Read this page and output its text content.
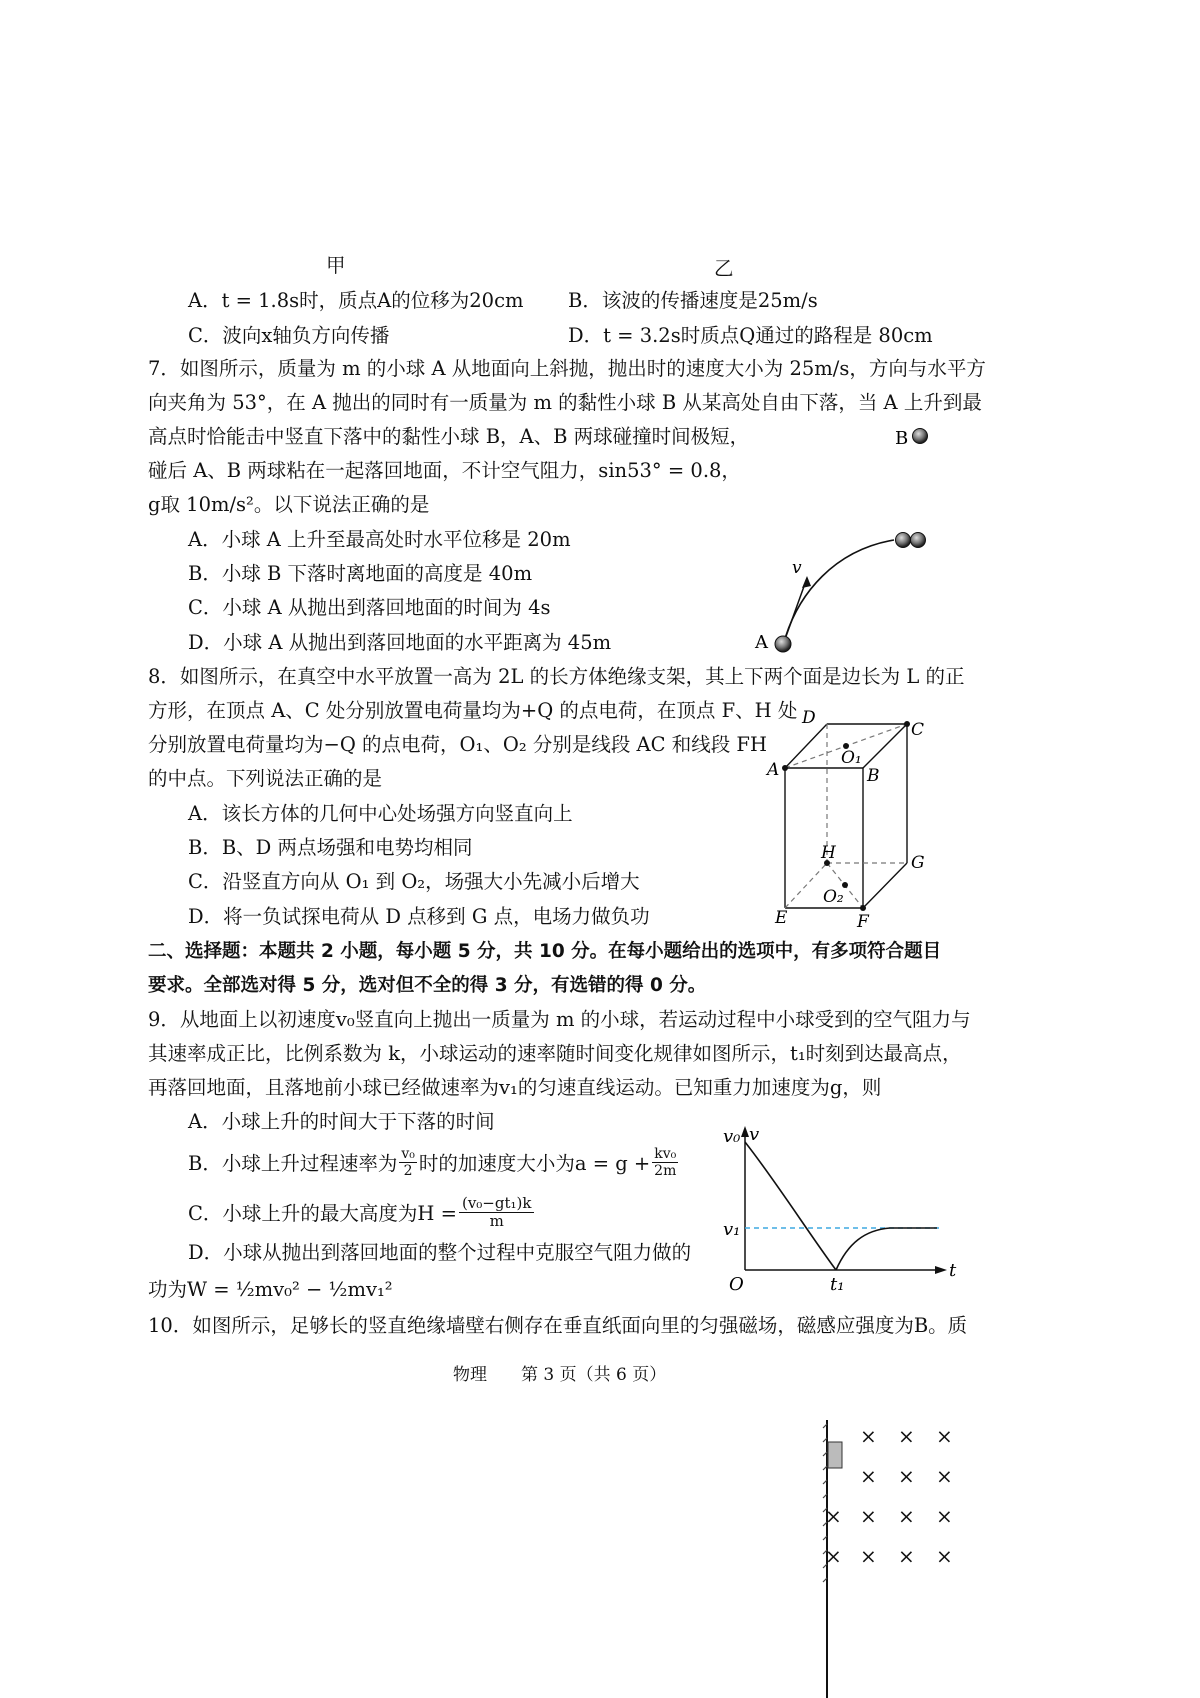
甲	乙
A．t = 1.8s时，质点A的位移为20cm B．该波的传播速度是25m/s
C．波向x轴负方向传播	D．t = 3.2s时质点Q通过的路程是 80cm
7．如图所示，质量为 m 的小球 A 从地面向上斜抛，抛出时的速度大小为 25m/s，方向与水平方
向夹角为 53°，在 A 抛出的同时有一质量为 m 的黏性小球 B 从某高处自由下落，当 A 上升到最
高点时恰能击中竖直下落中的黏性小球 B，A、B 两球碰撞时间极短，
碰后 A、B 两球粘在一起落回地面，不计空气阻力，sin53° = 0.8，
g取 10m/s²。以下说法正确的是
A．小球 A 上升至最高处时水平位移是 20m
B．小球 B 下落时离地面的高度是 40m
C．小球 A 从抛出到落回地面的时间为 4s
D．小球 A 从抛出到落回地面的水平距离为 45m
B
v
A
8．如图所示，在真空中水平放置一高为 2L 的长方体绝缘支架，其上下两个面是边长为 L 的正
方形，在顶点 A、C 处分别放置电荷量均为+Q 的点电荷，在顶点 F、H 处
分别放置电荷量均为−Q 的点电荷，O₁、O₂ 分别是线段 AC 和线段 FH
的中点。下列说法正确的是
A．该长方体的几何中心处场强方向竖直向上
B．B、D 两点场强和电势均相同
C．沿竖直方向从 O₁ 到 O₂，场强大小先减小后增大
D．将一负试探电荷从 D 点移到 G 点，电场力做负功
D
C
O₁
A	B
H	G
O₂
E	F
二、选择题：本题共 2 小题，每小题 5 分，共 10 分。在每小题给出的选项中，有多项符合题目
要求。全部选对得 5 分，选对但不全的得 3 分，有选错的得 0 分。
9．从地面上以初速度v₀竖直向上抛出一质量为 m 的小球，若运动过程中小球受到的空气阻力与
其速率成正比，比例系数为 k，小球运动的速率随时间变化规律如图所示，t₁时刻到达最高点，
再落回地面，且落地前小球已经做速率为v₁的匀速直线运动。已知重力加速度为g，则
A．小球上升的时间大于下落的时间
B．小球上升过程速率为 $\frac{\text{v₀}}{2}$ 时的加速度大小为$a = g + \frac{\text{kv₀}}{2m}$
C．小球上升的最大高度为$H = \frac{\text{(v₀−gt₁)k}}{m}$
D．小球从抛出到落回地面的整个过程中克服空气阻力做的
功为W = ½mv₀² − ½mv₁²
v₀ v
v₁
O	t₁
t
10．如图所示，足够长的竖直绝缘墙壁右侧存在垂直纸面向里的匀强磁场，磁感应强度为B。质
物理　　第 3 页（共 6 页）
× × ×
× × ×
× × × ×
× × × ×
